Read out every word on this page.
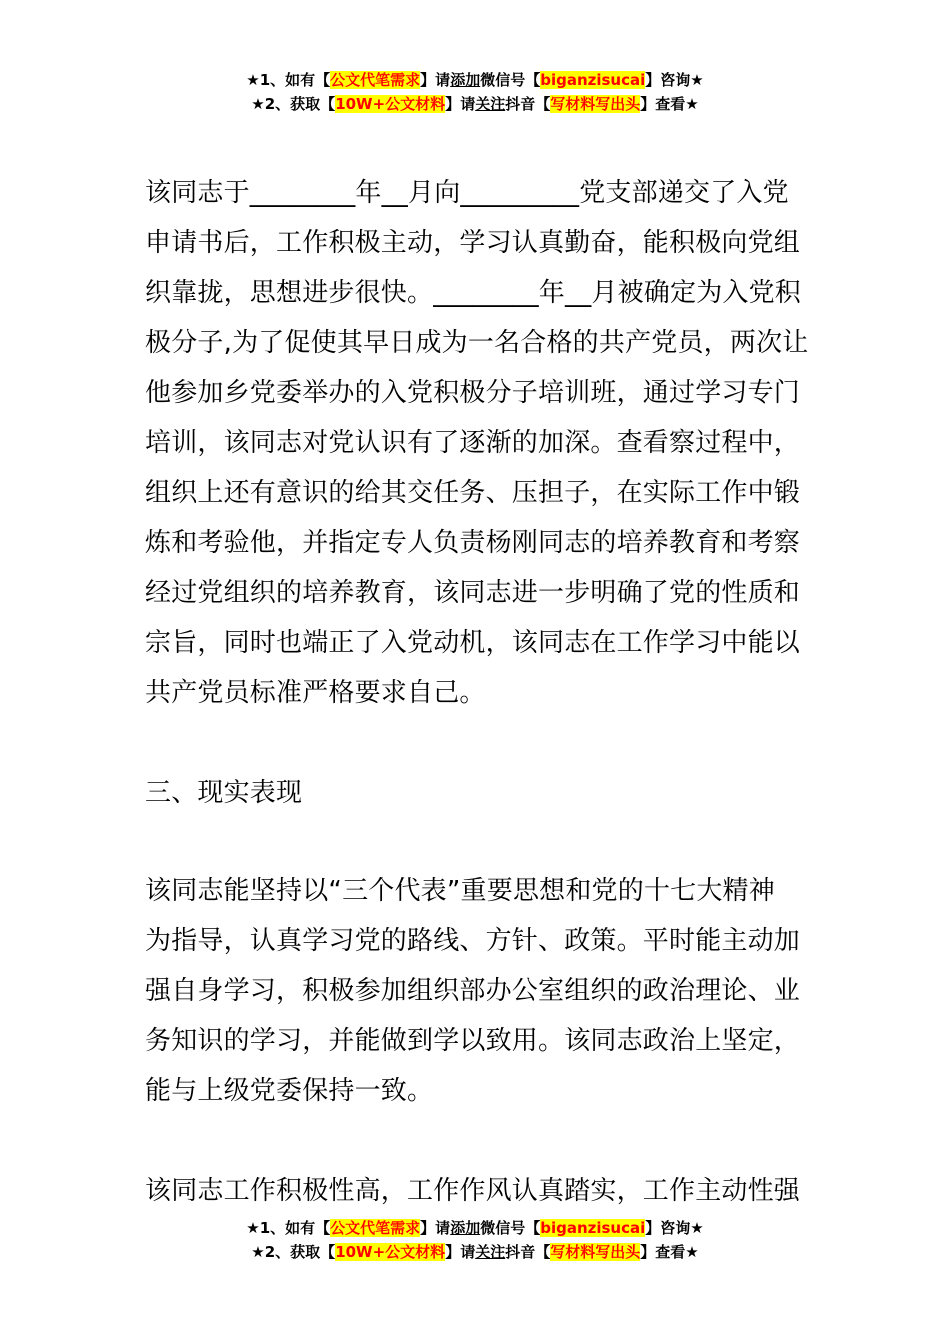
★1、如有【公文代笔需求】请添加微信号【biganzisucai】咨询★
★2、获取【10W+公文材料】请关注抖音【写材料写出头】查看★
该同志于________年__月向_________党支部递交了入党
申请书后，工作积极主动，学习认真勤奋，能积极向党组
织靠拢，思想进步很快。________年__月被确定为入党积
极分子,为了促使其早日成为一名合格的共产党员，两次让
他参加乡党委举办的入党积极分子培训班，通过学习专门
培训，该同志对党认识有了逐渐的加深。查看察过程中，
组织上还有意识的给其交任务、压担子，在实际工作中锻
炼和考验他，并指定专人负责杨刚同志的培养教育和考察
经过党组织的培养教育，该同志进一步明确了党的性质和
宗旨，同时也端正了入党动机，该同志在工作学习中能以
共产党员标准严格要求自己。
三、现实表现
该同志能坚持以“三个代表”重要思想和党的十七大精神
为指导，认真学习党的路线、方针、政策。平时能主动加
强自身学习，积极参加组织部办公室组织的政治理论、业
务知识的学习，并能做到学以致用。该同志政治上坚定，
能与上级党委保持一致。
该同志工作积极性高，工作作风认真踏实，工作主动性强
★1、如有【公文代笔需求】请添加微信号【biganzisucai】咨询★
★2、获取【10W+公文材料】请关注抖音【写材料写出头】查看★
